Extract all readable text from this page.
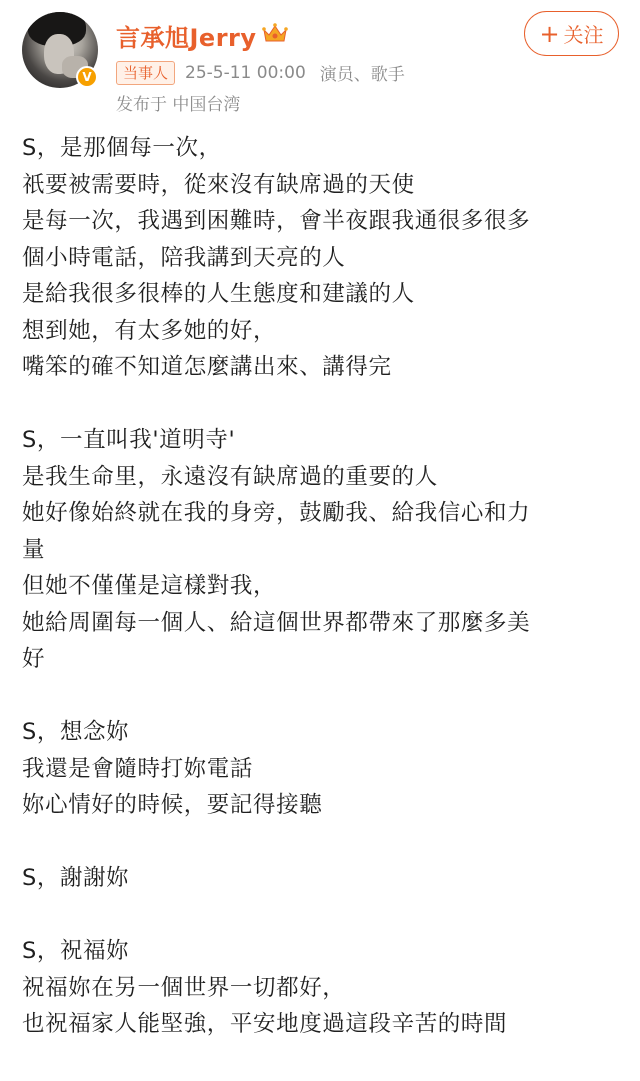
V
言承旭Jerry
当事人	25-5-11 00:00 演员、歌手
发布于 中国台湾
+ 关注
S，是那個每一次，
祇要被需要時，從來沒有缺席過的天使
是每一次，我遇到困難時，會半夜跟我通很多很多
個小時電話，陪我講到天亮的人
是給我很多很棒的人生態度和建議的人
想到她，有太多她的好，
嘴笨的確不知道怎麼講出來、講得完
S，一直叫我'道明寺'
是我生命里，永遠沒有缺席過的重要的人
她好像始終就在我的身旁，鼓勵我、給我信心和力
量
但她不僅僅是這樣對我，
她給周圍每一個人、給這個世界都帶來了那麼多美
好
S，想念妳
我還是會隨時打妳電話
妳心情好的時候，要記得接聽
S，謝謝妳
S，祝福妳
祝福妳在另一個世界一切都好，
也祝福家人能堅強，平安地度過這段辛苦的時間
